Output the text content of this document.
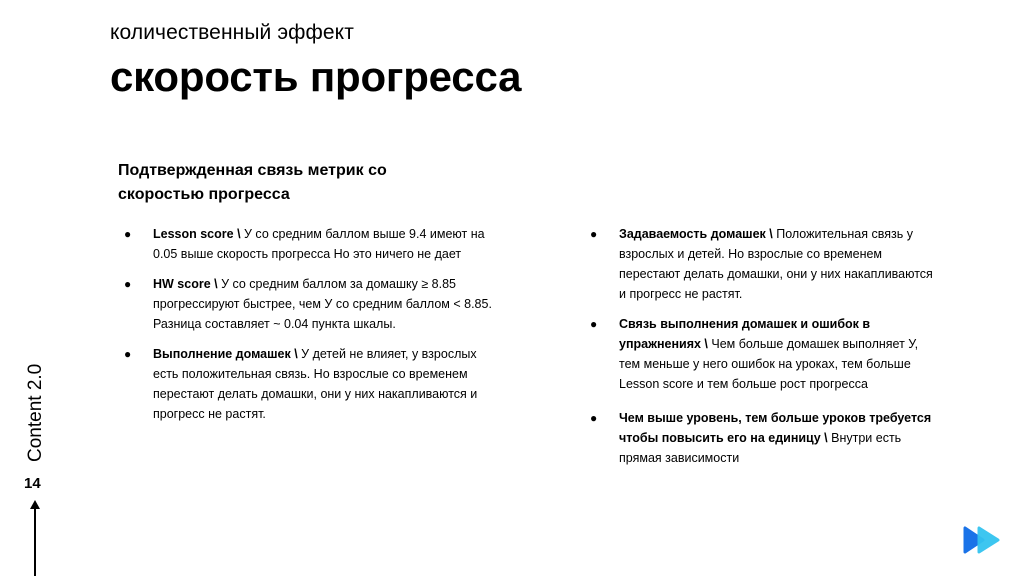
количественный эффект
скорость прогресса
Подтвержденная связь метрик со скоростью прогресса
● Lesson score \ У со средним баллом выше 9.4 имеют на 0.05 выше скорость прогресса Но это ничего не дает
● HW score \ У со средним баллом за домашку ≥ 8.85 прогрессируют быстрее, чем У со средним баллом < 8.85. Разница составляет ~ 0.04 пункта шкалы.
● Выполнение домашек \ У детей не влияет, у взрослых есть положительная связь. Но взрослые со временем перестают делать домашки, они у них накапливаются и прогресс не растят.
● Задаваемость домашек \ Положительная связь у взрослых и детей. Но взрослые со временем перестают делать домашки, они у них накапливаются и прогресс не растят.
● Связь выполнения домашек и ошибок в упражнениях \ Чем больше домашек выполняет У, тем меньше у него ошибок на уроках, тем больше Lesson score и тем больше рост прогресса
● Чем выше уровень, тем больше уроков требуется чтобы повысить его на единицу \ Внутри есть прямая зависимости
Content 2.0
14
